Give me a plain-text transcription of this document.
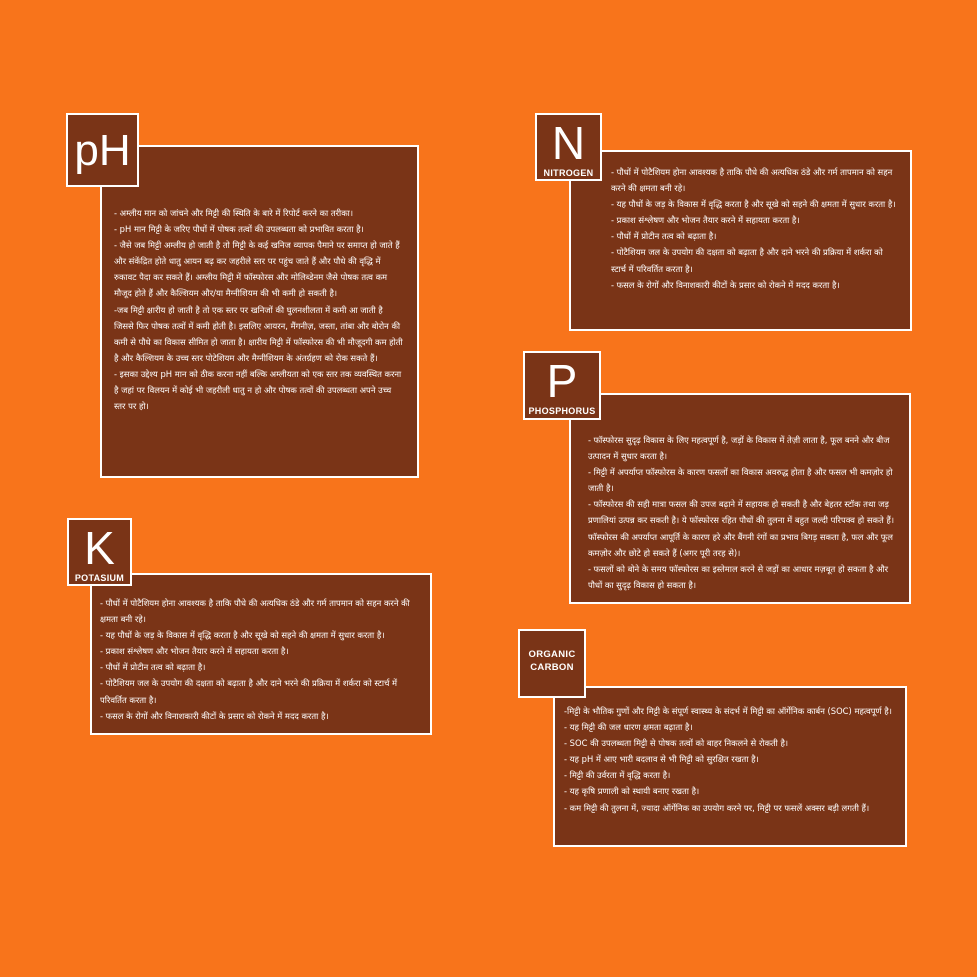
- अम्लीय मान को जांचने और मिट्टी की स्थिति के बारे में रिपोर्ट करने का तरीका।

- pH मान मिट्टी के जरिए पौधों में पोषक तत्वों की उपलब्धता को प्रभावित करता है।

- जैसे जब मिट्टी अम्लीय हो जाती है तो मिट्टी के कई खनिज व्यापक पैमाने पर समाप्त हो जाते हैं और संकेंद्रित होते धातु आयन बढ़ कर जहरीले स्तर पर पहुंच जाते हैं और पौधे की वृद्धि में रुकावट पैदा कर सकते हैं। अम्लीय मिट्टी में फॉस्फोरस और मोलिब्डेनम जैसे पोषक तत्व कम मौजूद होते हैं और कैल्शियम और/या मैग्नीशियम की भी कमी हो सकती है।

-जब मिट्टी क्षारीय हो जाती है तो एक स्तर पर खनिजों की घुलनशीलता में कमी आ जाती है जिससे फिर पोषक तत्वों में कमी होती है। इसलिए आयरन, मैंगनीज़, जस्ता, तांबा और बोरोन की कमी से पौधे का विकास सीमित हो जाता है। क्षारीय मिट्टी में फॉस्फोरस की भी मौजूदगी कम होती है और कैल्शियम के उच्च स्तर पोटेशियम और मैग्नीशियम के अंतर्ग्रहण को रोक सकते हैं।

- इसका उद्देश्य pH मान को ठीक करना नहीं बल्कि अम्लीयता को एक स्तर तक व्यवस्थित करना है जहां पर विलयन में कोई भी जहरीली धातु न हो और पोषक तत्वों की उपलब्धता अपने उच्च स्तर पर हो।

pH	- पौधों में पोटैशियम होना आवश्यक है ताकि पौधे की अत्यधिक ठंडे और गर्म तापमान को सहन करने की क्षमता बनी रहे।

- यह पौधों के जड़ के विकास में वृद्धि करता है और सूखे को सहने की क्षमता में सुधार करता है।

- प्रकाश संश्लेषण और भोजन तैयार करने में सहायता करता है।

- पौधों में प्रोटीन तत्व को बढ़ाता है।

- पोटैशियम जल के उपयोग की दक्षता को बढ़ाता है और दाने भरने की प्रक्रिया में शर्करा को स्टार्च में परिवर्तित करता है।

- फसल के रोगों और विनाशकारी कीटों के प्रसार को रोकने में मदद करता है।

N
NITROGEN

- फॉस्फोरस सुदृढ़ विकास के लिए महत्वपूर्ण है, जड़ों के विकास में तेज़ी लाता है, फूल बनने और बीज उत्पादन में सुधार करता है।

- मिट्टी में अपर्याप्त फॉस्फोरस के कारण फसलों का विकास अवरुद्ध होता है और फसल भी कमज़ोर हो जाती है।

- फॉस्फोरस की सही मात्रा फसल की उपज बढ़ाने में सहायक हो सकती है और बेहतर स्टॉक तथा जड़ प्रणालियां उत्पन्न कर सकती है। ये फॉस्फोरस रहित पौधों की तुलना में बहुत जल्दी परिपक्व हो सकते हैं। फॉस्फोरस की अपर्याप्त आपूर्ति के कारण हरे और बैंगनी रंगों का प्रभाव बिगड़ सकता है, फल और फूल कमज़ोर और छोटे हो सकते हैं (अगर पूरी तरह से)।

- फसलों को बोने के समय फॉस्फोरस का इस्तेमाल करने से जड़ों का आधार मज़बूत हो सकता है और पौधों का सुदृढ़ विकास हो सकता है।

P
PHOSPHORUS

- पौधों में पोटैशियम होना आवश्यक है ताकि पौधे की अत्यधिक ठंडे और गर्म तापमान को सहन करने की क्षमता बनी रहे।

- यह पौधों के जड़ के विकास में वृद्धि करता है और सूखे को सहने की क्षमता में सुधार करता है।

- प्रकाश संश्लेषण और भोजन तैयार करने में सहायता करता है।

- पौधों में प्रोटीन तत्व को बढ़ाता है।

- पोटैशियम जल के उपयोग की दक्षता को बढ़ाता है और दाने भरने की प्रक्रिया में शर्करा को स्टार्च में परिवर्तित करता है।

- फसल के रोगों और विनाशकारी कीटों के प्रसार को रोकने में मदद करता है।

K
POTASIUM

-मिट्टी के भौतिक गुणों और मिट्टी के संपूर्ण स्वास्थ्य के संदर्भ में मिट्टी का ऑर्गेनिक कार्बन (SOC) महत्वपूर्ण है।

- यह मिट्टी की जल धारण क्षमता बढ़ाता है।

- SOC की उपलब्धता मिट्टी से पोषक तत्वों को बाहर निकलने से रोकती है।

- यह pH में आए भारी बदलाव से भी मिट्टी को सुरक्षित रखता है।

- मिट्टी की उर्वरता में वृद्धि करता है।

- यह कृषि प्रणाली को स्थायी बनाए रखता है।

- कम मिट्टी की तुलना में, ज्यादा ऑर्गेनिक का उपयोग करने पर, मिट्टी पर फसलें अक्सर बड़ी लगती हैं।

ORGANIC
CARBON
